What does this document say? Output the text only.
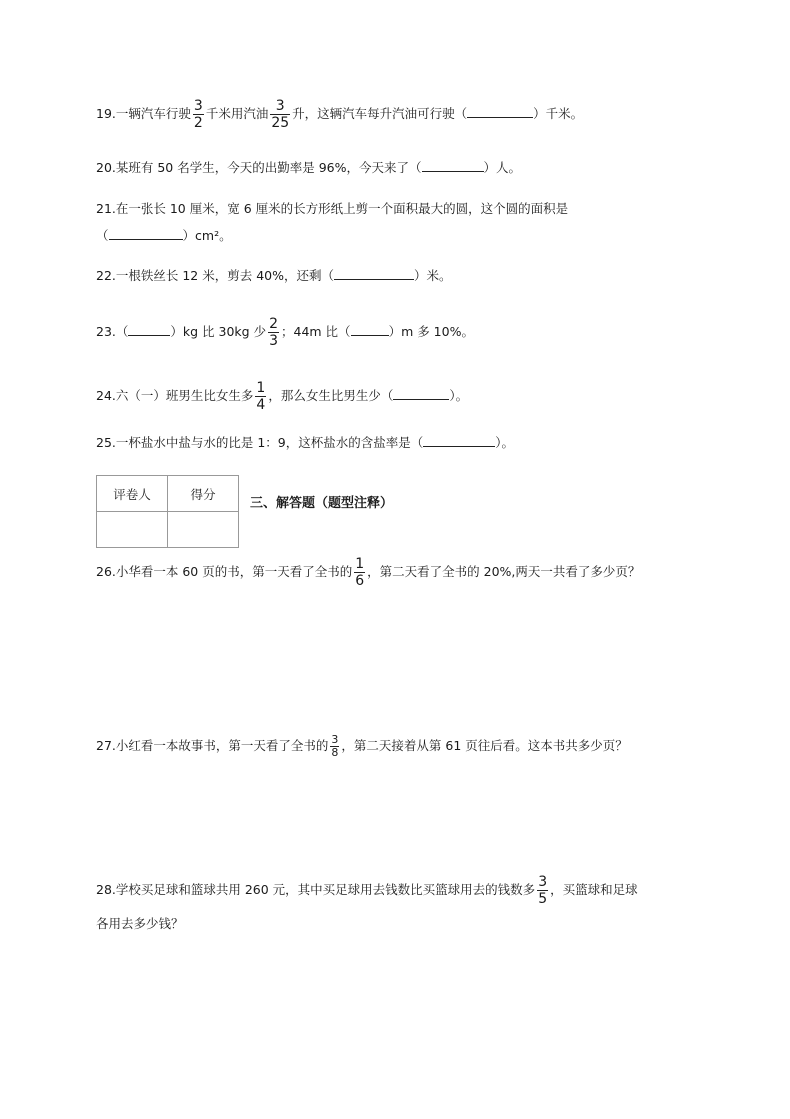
19.一辆汽车行驶 $\frac{3}{2}$ 千米用汽油 $\frac{3}{25}$ 升，这辆汽车每升汽油可行驶（	）千米。
20.某班有 50 名学生，今天的出勤率是 96%，今天来了（	）人。
21.在一张长 10 厘米，宽 6 厘米的长方形纸上剪一个面积最大的圆，这个圆的面积是
（	）cm²。
22.一根铁丝长 12 米，剪去 40%，还剩（	）米。
23.（	）kg 比 30kg 少 $\frac{2}{3}$ ；44m 比（	）m 多 10%。
24.六（一）班男生比女生多 $\frac{1}{4}$ ，那么女生比男生少（	）。
25.一杯盐水中盐与水的比是 1：9，这杯盐水的含盐率是（	）。
评卷人	得分

三、解答题（题型注释）
26.小华看一本 60 页的书，第一天看了全书的 $\frac{1}{6}$ ，第二天看了全书的 20%,两天一共看了多少页？
27.小红看一本故事书，第一天看了全书的 $\frac{3}{8}$ ，第二天接着从第 61 页往后看。这本书共多少页？
28.学校买足球和篮球共用 260 元，其中买足球用去钱数比买篮球用去的钱数多 $\frac{3}{5}$ ，买篮球和足球
各用去多少钱？
